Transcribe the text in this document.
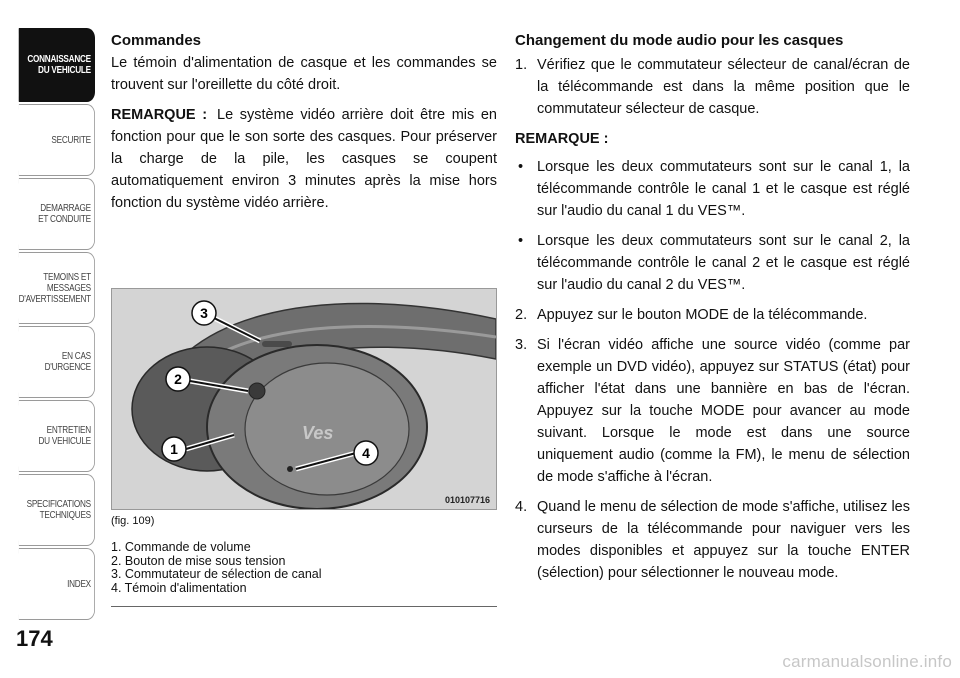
CONNAISSANCE
DU VEHICULE
SECURITE
DEMARRAGE
ET CONDUITE
TEMOINS ET
MESSAGES
D'AVERTISSEMENT
EN CAS
D'URGENCE
ENTRETIEN
DU VEHICULE
SPECIFICATIONS
TECHNIQUES
INDEX
174
Commandes

Le témoin d'alimentation de casque et les commandes se trouvent sur l'oreillette du côté droit.

REMARQUE : Le système vidéo arrière doit être mis en fonction pour que le son sorte des casques. Pour préserver la charge de la pile, les casques se coupent automatiquement environ 3 minutes après la mise hors fonction du système vidéo arrière.

Ves
3
2
1	4
010107716
(fig. 109)
1. Commande de volume
2. Bouton de mise sous tension
3. Commutateur de sélection de canal
4. Témoin d'alimentation
Changement du mode audio pour les casques
1. Vérifiez que le commutateur sélecteur de canal/écran de la télécommande est dans la même position que le commutateur sélecteur de casque.
REMARQUE :
• Lorsque les deux commutateurs sont sur le canal 1, la télécommande contrôle le canal 1 et le casque est réglé sur l'audio du canal 1 du VES™.
• Lorsque les deux commutateurs sont sur le canal 2, la télécommande contrôle le canal 2 et le casque est réglé sur l'audio du canal 2 du VES™.
2. Appuyez sur le bouton MODE de la télécommande.
3. Si l'écran vidéo affiche une source vidéo (comme par exemple un DVD vidéo), appuyez sur STATUS (état) pour afficher l'état dans une bannière en bas de l'écran. Appuyez sur la touche MODE pour avancer au mode suivant. Lorsque le mode est dans une source uniquement audio (comme la FM), le menu de sélection de mode s'affiche à l'écran.
4. Quand le menu de sélection de mode s'affiche, utilisez les curseurs de la télécommande pour naviguer vers les modes disponibles et appuyez sur la touche ENTER (sélection) pour sélectionner le nouveau mode.
carmanualsonline.info
